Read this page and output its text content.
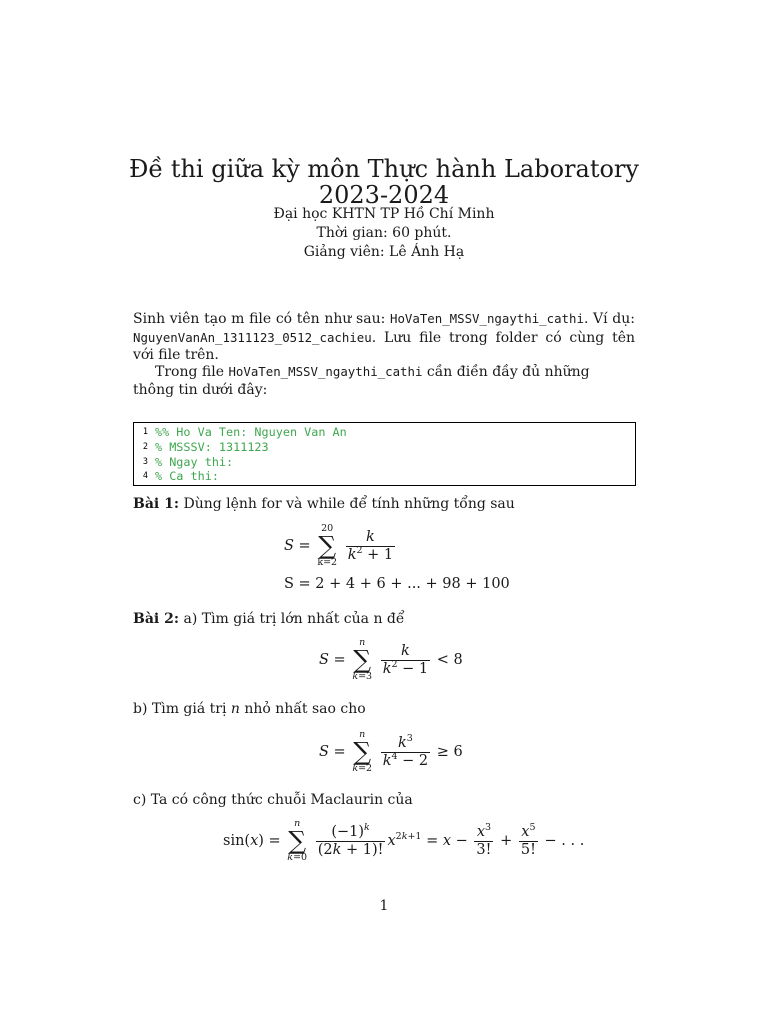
Đề thi giữa kỳ môn Thực hành Laboratory
2023-2024
Đại học KHTN TP Hồ Chí Minh
Thời gian: 60 phút.
Giảng viên: Lê Ánh Hạ
Sinh viên tạo m file có tên như sau: HoVaTen_MSSV_ngaythi_cathi. Ví dụ: NguyenVanAn_1311123_0512_cachieu. Lưu file trong folder có cùng tên với file trên.
Trong file HoVaTen_MSSV_ngaythi_cathi cần điền đầy đủ những thông tin dưới đây:
1 %% Ho Va Ten: Nguyen Van An
2 % MSSSV: 1311123
3 % Ngay thi:
4 % Ca thi:
Bài 1: Dùng lệnh for và while để tính những tổng sau
S =
20
∑
k=2
$\frac{k}{k^2 + 1}$
S = 2 + 4 + 6 + ... + 98 + 100
Bài 2: a) Tìm giá trị lớn nhất của n để
S =
n
∑
k=3
$\frac{k}{k^2 - 1} < 8$
b) Tìm giá trị n nhỏ nhất sao cho
S =
n
∑
k=2
$\frac{k^3}{k^4 - 2} \ge 6$
c) Ta có công thức chuỗi Maclaurin của
sin(x) =
n
∑
k=0
$\frac{(-1)^k}{(2k + 1)!} x^{2k+1} = x - \frac{x^3}{3!} + \frac{x^5}{5!}$ − . . .
1
